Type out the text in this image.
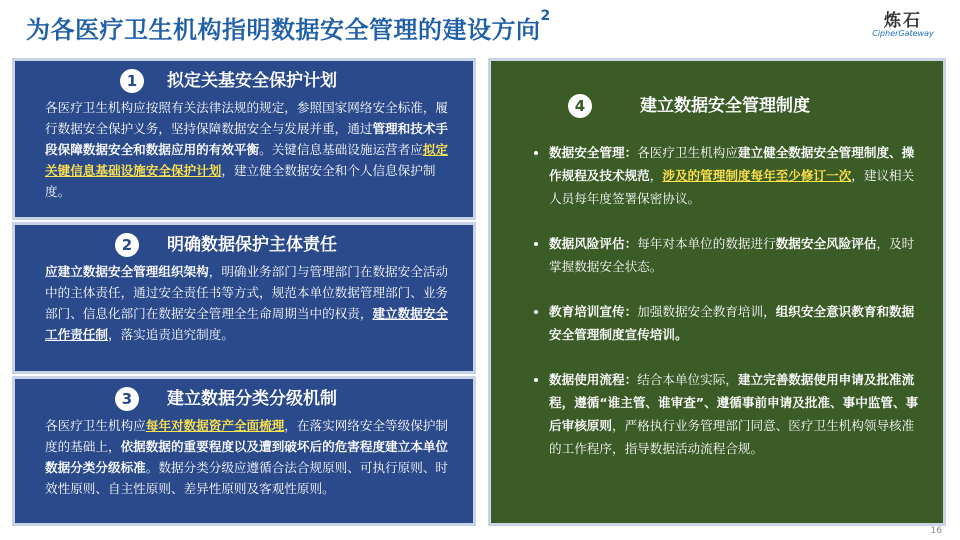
为各医疗卫生机构指明数据安全管理的建设方向$^2$	炼石
CipherGateway
1	拟定关基安全保护计划
各医疗卫生机构应按照有关法律法规的规定，参照国家网络安全标准，履行数据安全保护义务，坚持保障数据安全与发展并重，通过管理和技术手段保障数据安全和数据应用的有效平衡。关键信息基础设施运营者应拟定关键信息基础设施安全保护计划，建立健全数据安全和个人信息保护制度。
2	明确数据保护主体责任
应建立数据安全管理组织架构，明确业务部门与管理部门在数据安全活动中的主体责任，通过安全责任书等方式，规范本单位数据管理部门、业务部门、信息化部门在数据安全管理全生命周期当中的权责，建立数据安全工作责任制，落实追责追究制度。
3	建立数据分类分级机制
各医疗卫生机构应每年对数据资产全面梳理，在落实网络安全等级保护制度的基础上，依据数据的重要程度以及遭到破坏后的危害程度建立本单位数据分类分级标准。数据分类分级应遵循合法合规原则、可执行原则、时效性原则、自主性原则、差异性原则及客观性原则。
4	建立数据安全管理制度
• 数据安全管理：各医疗卫生机构应建立健全数据安全管理制度、操作规程及技术规范，涉及的管理制度每年至少修订一次，建议相关人员每年度签署保密协议。
• 数据风险评估：每年对本单位的数据进行数据安全风险评估，及时掌握数据安全状态。
• 教育培训宣传：加强数据安全教育培训，组织安全意识教育和数据安全管理制度宣传培训。
• 数据使用流程：结合本单位实际，建立完善数据使用申请及批准流程，遵循“谁主管、谁审查”、遵循事前申请及批准、事中监管、事后审核原则，严格执行业务管理部门同意、医疗卫生机构领导核准的工作程序，指导数据活动流程合规。
16
